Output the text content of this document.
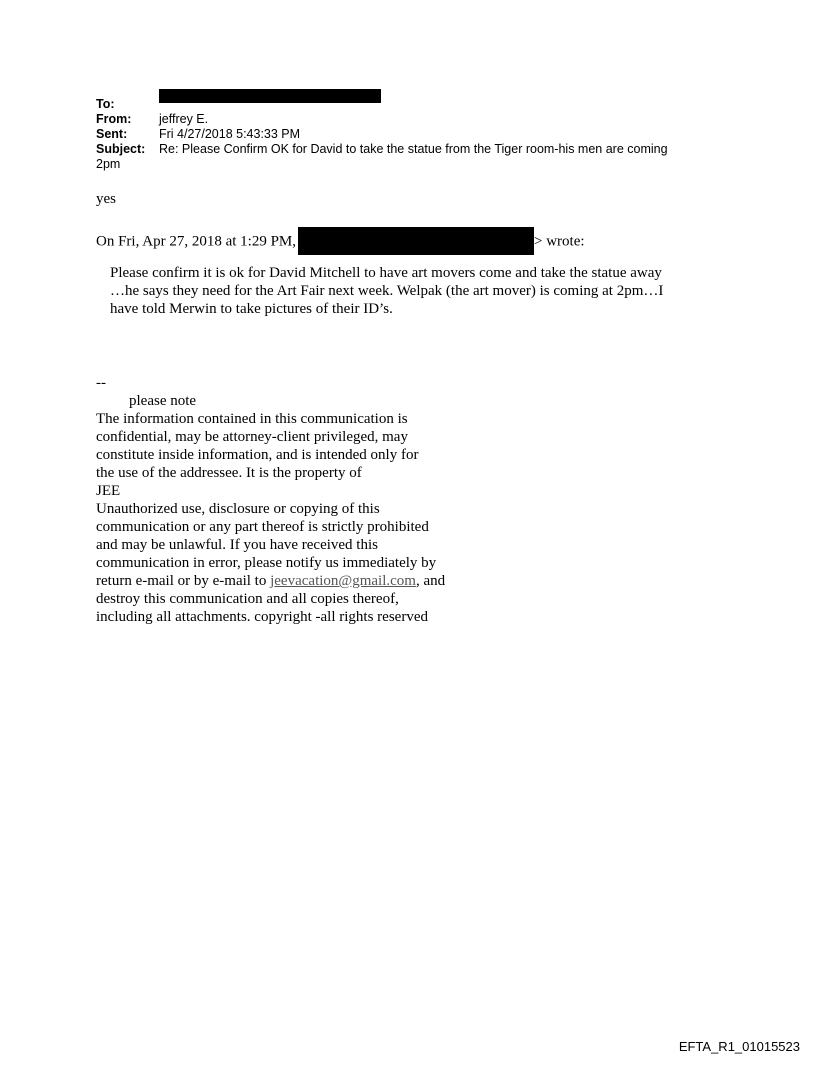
To:
From:	jeffrey E.
Sent:	Fri 4/27/2018 5:43:33 PM
Subject:	Re: Please Confirm OK for David to take the statue from the Tiger room-his men are coming
2pm
yes
On Fri, Apr 27, 2018 at 1:29 PM,	> wrote:

Please confirm it is ok for David Mitchell to have art movers come and take the statue away

…he says they need for the Art Fair next week. Welpak (the art mover) is coming at 2pm…I

have told Merwin to take pictures of their ID’s.

--

please note

The information contained in this communication is

confidential, may be attorney-client privileged, may

constitute inside information, and is intended only for

the use of the addressee. It is the property of

JEE

Unauthorized use, disclosure or copying of this

communication or any part thereof is strictly prohibited

and may be unlawful. If you have received this

communication in error, please notify us immediately by

return e-mail or by e-mail to jeevacation@gmail.com, and

destroy this communication and all copies thereof,

including all attachments. copyright -all rights reserved

EFTA_R1_01015523
